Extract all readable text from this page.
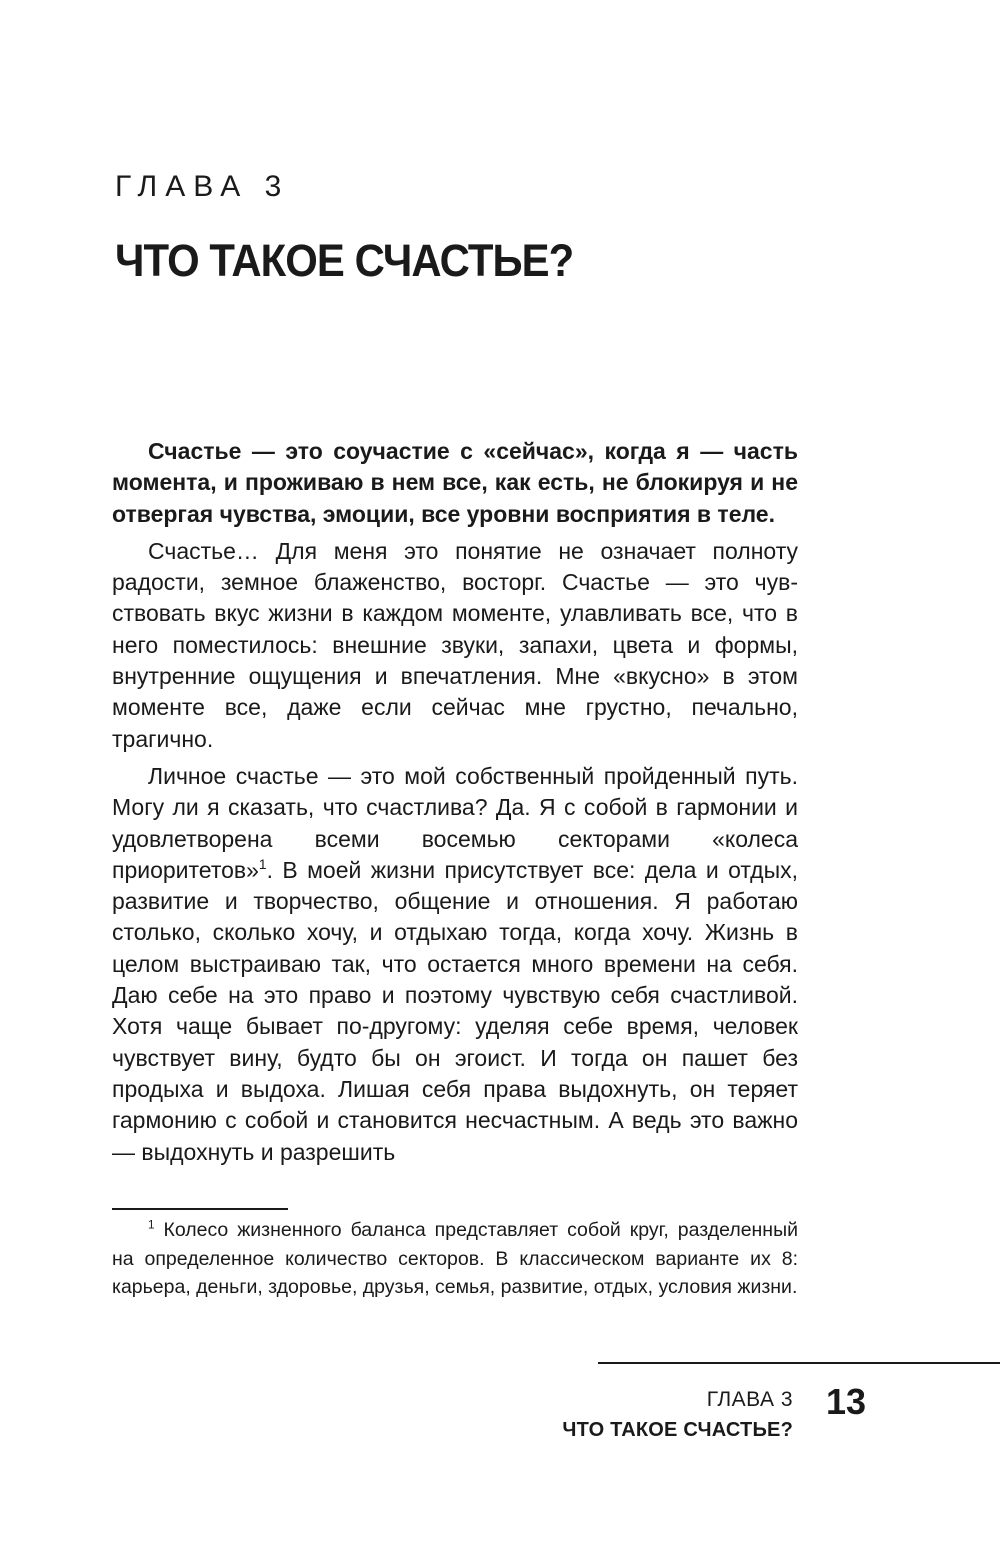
ГЛАВА 3
ЧТО ТАКОЕ СЧАСТЬЕ?

Счастье — это соучастие с «сейчас», когда я — часть момента, и проживаю в нем все, как есть, не блокируя и не отвергая чувства, эмоции, все уровни восприятия в теле.

Счастье… Для меня это понятие не означает полноту радости, земное блаженство, восторг. Счастье — это чувствовать вкус жизни в каждом моменте, улавливать все, что в него поместилось: внешние звуки, запахи, цвета и формы, внутренние ощущения и впечатления. Мне «вкусно» в этом моменте все, даже если сейчас мне грустно, печально, трагично.

Личное счастье — это мой собственный пройденный путь. Могу ли я сказать, что счастлива? Да. Я с собой в гармонии и удовлетворена всеми восемью секторами «колеса приоритетов»$^1$. В моей жизни присутствует все: дела и отдых, развитие и творчество, общение и отношения. Я работаю столько, сколько хочу, и отдыхаю тогда, когда хочу. Жизнь в целом выстраиваю так, что остается много времени на себя. Даю себе на это право и поэтому чувствую себя счастливой. Хотя чаще бывает по-другому: уделяя себе время, человек чувствует вину, будто бы он эгоист. И тогда он пашет без продыха и выдоха. Лишая себя права выдохнуть, он теряет гармонию с собой и становится несчастным. А ведь это важно — выдохнуть и разрешить

$^1$ Колесо жизненного баланса представляет собой круг, разделенный на определенное количество секторов. В классическом варианте их 8: карьера, деньги, здоровье, друзья, семья, развитие, отдых, условия жизни.

ГЛАВА 3
ЧТО ТАКОЕ СЧАСТЬЕ?
13
